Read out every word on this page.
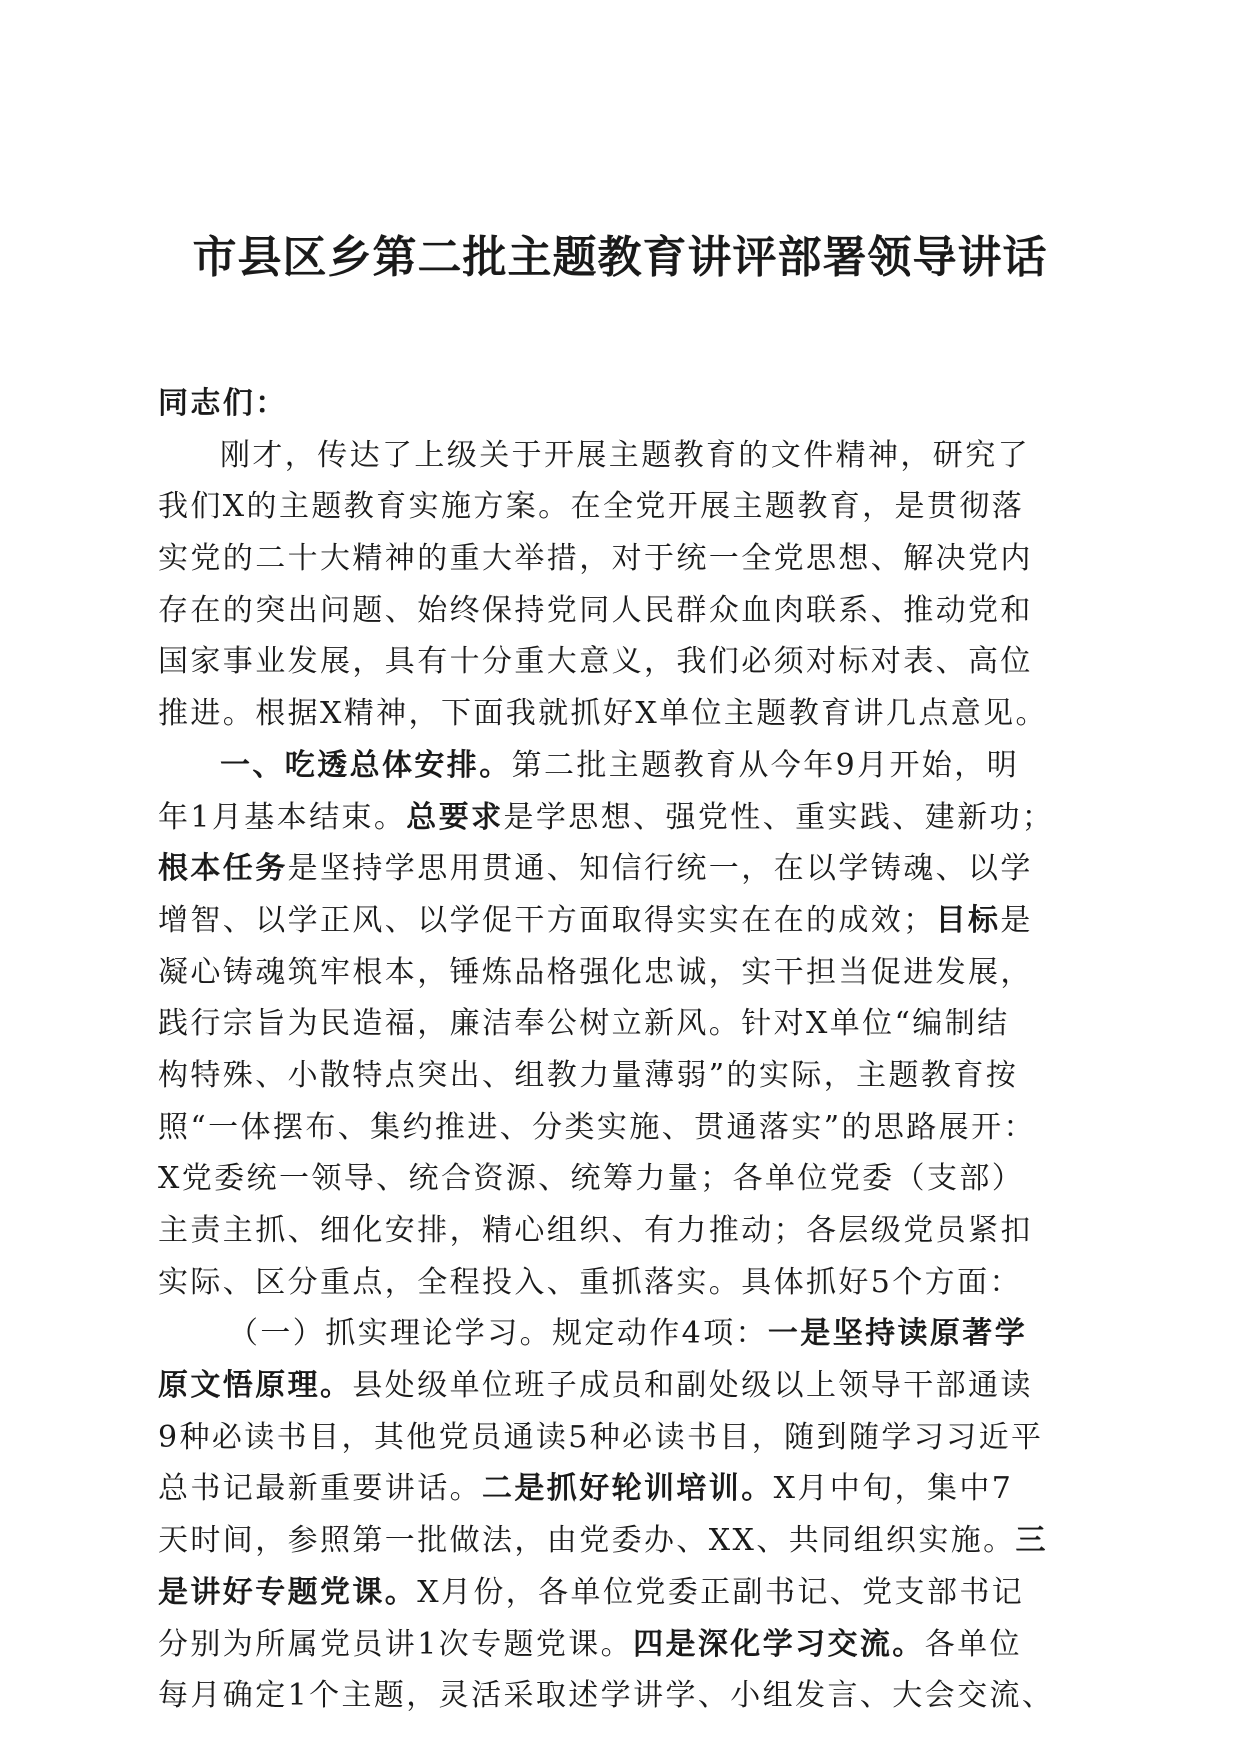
市县区乡第二批主题教育讲评部署领导讲话
同志们：
刚才，传达了上级关于开展主题教育的文件精神，研究了
我们X的主题教育实施方案。在全党开展主题教育，是贯彻落
实党的二十大精神的重大举措，对于统一全党思想、解决党内
存在的突出问题、始终保持党同人民群众血肉联系、推动党和
国家事业发展，具有十分重大意义，我们必须对标对表、高位
推进。根据X精神，下面我就抓好X单位主题教育讲几点意见。
一、吃透总体安排。第二批主题教育从今年9月开始，明
年1月基本结束。总要求是学思想、强党性、重实践、建新功；
根本任务是坚持学思用贯通、知信行统一，在以学铸魂、以学
增智、以学正风、以学促干方面取得实实在在的成效；目标是
凝心铸魂筑牢根本，锤炼品格强化忠诚，实干担当促进发展，
践行宗旨为民造福，廉洁奉公树立新风。针对X单位“编制结
构特殊、小散特点突出、组教力量薄弱”的实际，主题教育按
照“一体摆布、集约推进、分类实施、贯通落实”的思路展开：
X党委统一领导、统合资源、统筹力量；各单位党委（支部）
主责主抓、细化安排，精心组织、有力推动；各层级党员紧扣
实际、区分重点，全程投入、重抓落实。具体抓好5个方面：
（一）抓实理论学习。规定动作4项：一是坚持读原著学
原文悟原理。县处级单位班子成员和副处级以上领导干部通读
9种必读书目，其他党员通读5种必读书目，随到随学习习近平
总书记最新重要讲话。二是抓好轮训培训。X月中旬，集中7
天时间，参照第一批做法，由党委办、XX、共同组织实施。三
是讲好专题党课。X月份，各单位党委正副书记、党支部书记
分别为所属党员讲1次专题党课。四是深化学习交流。各单位
每月确定1个主题，灵活采取述学讲学、小组发言、大会交流、
